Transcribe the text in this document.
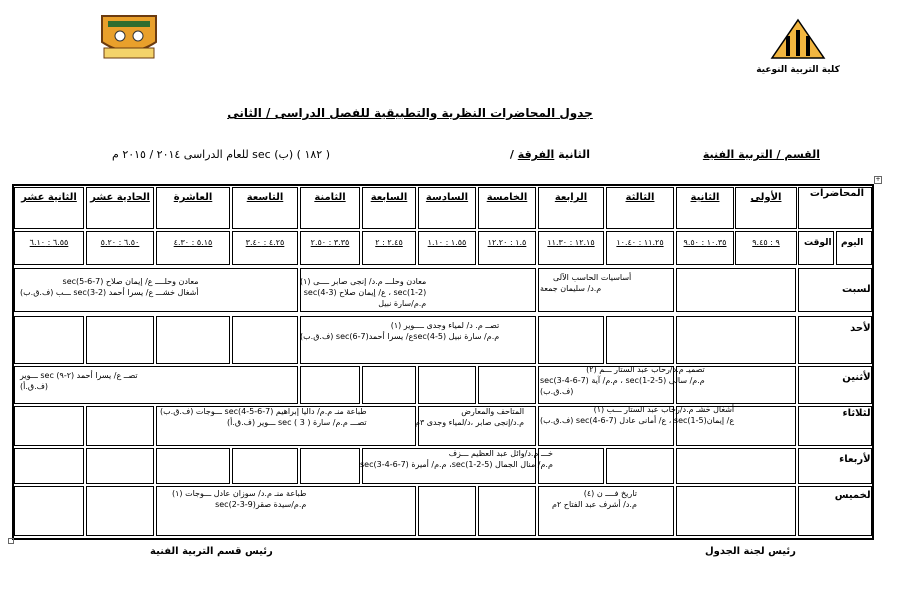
كلية التربية النوعية
جدول المحاضرات النظرية والتطبيقية للفصل الدراسى / الثانى
القسم / التربية الفنية
/ الثانية الفرقة
للعام الدراسى ٢٠١٤ / ٢٠١٥ م sec (ب) ( ١٨٢ )
+
الأولى
٩ : ٩.٤٥
الثانية
١٠.٣٥ : ٩.٥٠
الثالثة
١١.٢٥ : ١٠.٤٠
الرابعة
١٢.١٥ : ١١.٣٠
الخامسة
١.٥ : ١٢.٢٠
السادسة
١.٥٥ : ١.١٠
السابعة
٢.٤٥ : ٢
الثامنة
٣.٣٥ : ٢.٥٠
التاسعة
٤.٢٥ : ٣.٤٠
العاشرة
٥.١٥ : ٤.٣٠
الحادية عشر
٦.٥٠ : ٥.٢٠
الثانية عشر
٦.٥٥ : ٦.١٠
المحاضرات
اليوم
الوقت
السبت
الأحد
الأثنين
الثلاثاء
الأربعاء
الخميس
أساسيات الحاسب الآلى
م.د/ سليمان جمعة
معادن وحلـــ م.د/ إنجى صابر ــــى (١)
sec(1-2) ، ع/ إيمان صلاح (3-4)sec
م.م/سارة نبيل
معادن وحلــــ ع/ إيمان صلاح (7-6-5)sec
أشغال خشـــ ع/ يسرا أحمد (2-3)sec ـــب (ف.ق.ب)
تصــ م. د/ لمياء وجدى ــــوير (١)
م.م/ سارة نبيل (5-4)secع/ يسرا أحمد(7-6)sec (ف.ق.ب)
تصميـ م.د/رحاب عبد الستار ـــم (٢)
م.م/ سالى (5-2-1)sec ، م.م/ آية (7-6-4-3)sec
(ف.ق.ب)
تصــ ع/ يسرا أحمد (٢-٩) sec ـــوير
(ف.ق.أ)
أشغال خشـ م.د/رحاب عبد الستار ـــب (١)
ع/ إيمان(5-1)sec ، ع/ أمانى عادل (7-6-4)sec (ف.ق.ب)
المتاحف والمعارض
م.د/إنجى صابر ،د/لمياء وجدى ٣م
طباعة منـ م.م/ داليا إبراهيم (7-6-5-4)sec ـــوجات (ف.ق.ب)
تصـــ م.م/ سارة ( 3 ) sec ـــوير (ف.ق.أ)
خـــ م.د/وائل عبد العظيم ـــزف
م.م/ منال الجمال (5-2-1)sec، م.م/ أميرة (7-6-4-3)sec
تاريخ فــــ ن (٤)
م.د/ أشرف عبد الفتاح ٢م
طباعة منـ م.د/ سوزان عادل ـــوجات (١)
م.م/سيدة صقر(9-3-2)sec
رئيس قسم التربية الفنية	رئيس لجنة الجدول
